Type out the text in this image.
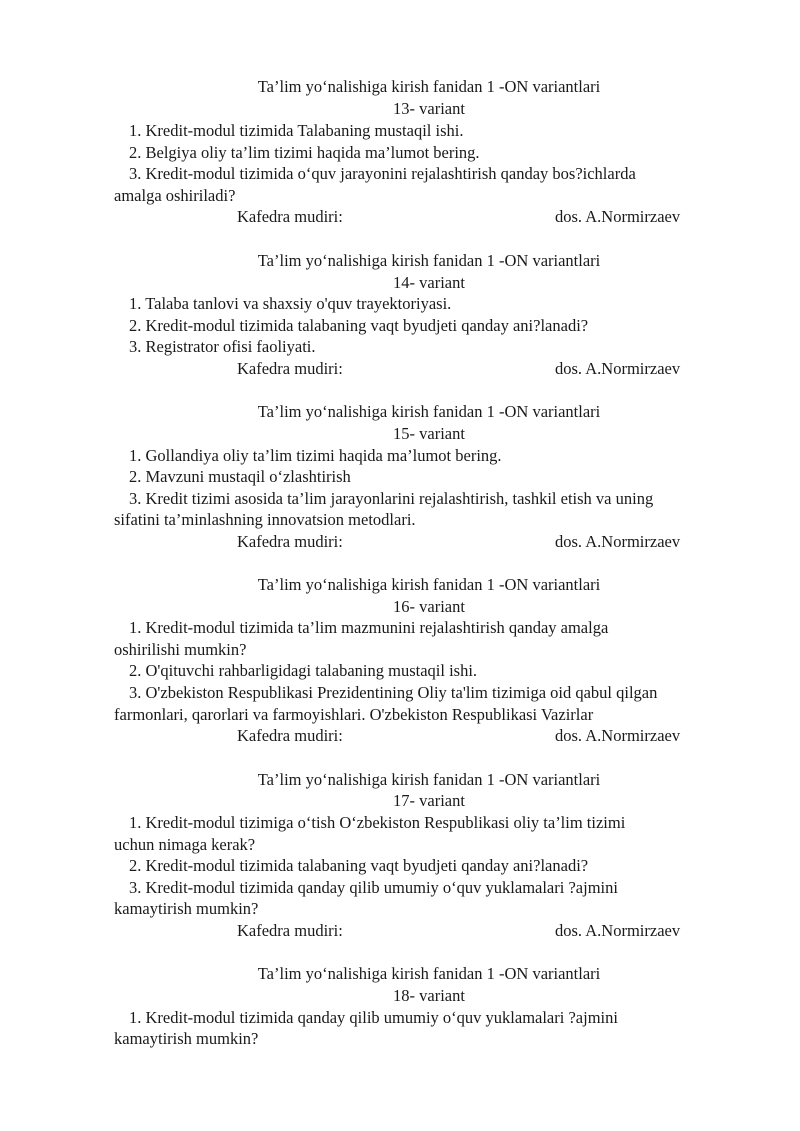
Ta’lim yo‘nalishiga kirish fanidan 1 -ON variantlari
13- variant
1. Kredit-modul tizimida Talabaning mustaqil ishi.
2. Belgiya oliy ta’lim tizimi haqida ma’lumot bering.
3. Kredit-modul tizimida o‘quv jarayonini rejalashtirish qanday bos?ichlarda
amalga oshiriladi?
Kafedra mudiri:	dos. A.Normirzaev
Ta’lim yo‘nalishiga kirish fanidan 1 -ON variantlari
14- variant
1. Talaba tanlovi va shaxsiy o'quv trayektoriyasi.
2. Kredit-modul tizimida talabaning vaqt byudjeti qanday ani?lanadi?
3. Registrator ofisi faoliyati.
Kafedra mudiri:	dos. A.Normirzaev
Ta’lim yo‘nalishiga kirish fanidan 1 -ON variantlari
15- variant
1. Gollandiya oliy ta’lim tizimi haqida ma’lumot bering.
2. Mavzuni mustaqil o‘zlashtirish
3. Kredit tizimi asosida ta’lim jarayonlarini rejalashtirish, tashkil etish va uning
sifatini ta’minlashning innovatsion metodlari.
Kafedra mudiri:	dos. A.Normirzaev
Ta’lim yo‘nalishiga kirish fanidan 1 -ON variantlari
16- variant
1. Kredit-modul tizimida ta’lim mazmunini rejalashtirish qanday amalga
oshirilishi mumkin?
2. O'qituvchi rahbarligidagi talabaning mustaqil ishi.
3. O'zbekiston Respublikasi Prezidentining Oliy ta'lim tizimiga oid qabul qilgan
farmonlari, qarorlari va farmoyishlari. O'zbekiston Respublikasi Vazirlar
Kafedra mudiri:	dos. A.Normirzaev
Ta’lim yo‘nalishiga kirish fanidan 1 -ON variantlari
17- variant
1. Kredit-modul tizimiga o‘tish O‘zbekiston Respublikasi oliy ta’lim tizimi
uchun nimaga kerak?
2. Kredit-modul tizimida talabaning vaqt byudjeti qanday ani?lanadi?
3. Kredit-modul tizimida qanday qilib umumiy o‘quv yuklamalari ?ajmini
kamaytirish mumkin?
Kafedra mudiri:	dos. A.Normirzaev
Ta’lim yo‘nalishiga kirish fanidan 1 -ON variantlari
18- variant
1. Kredit-modul tizimida qanday qilib umumiy o‘quv yuklamalari ?ajmini
kamaytirish mumkin?
